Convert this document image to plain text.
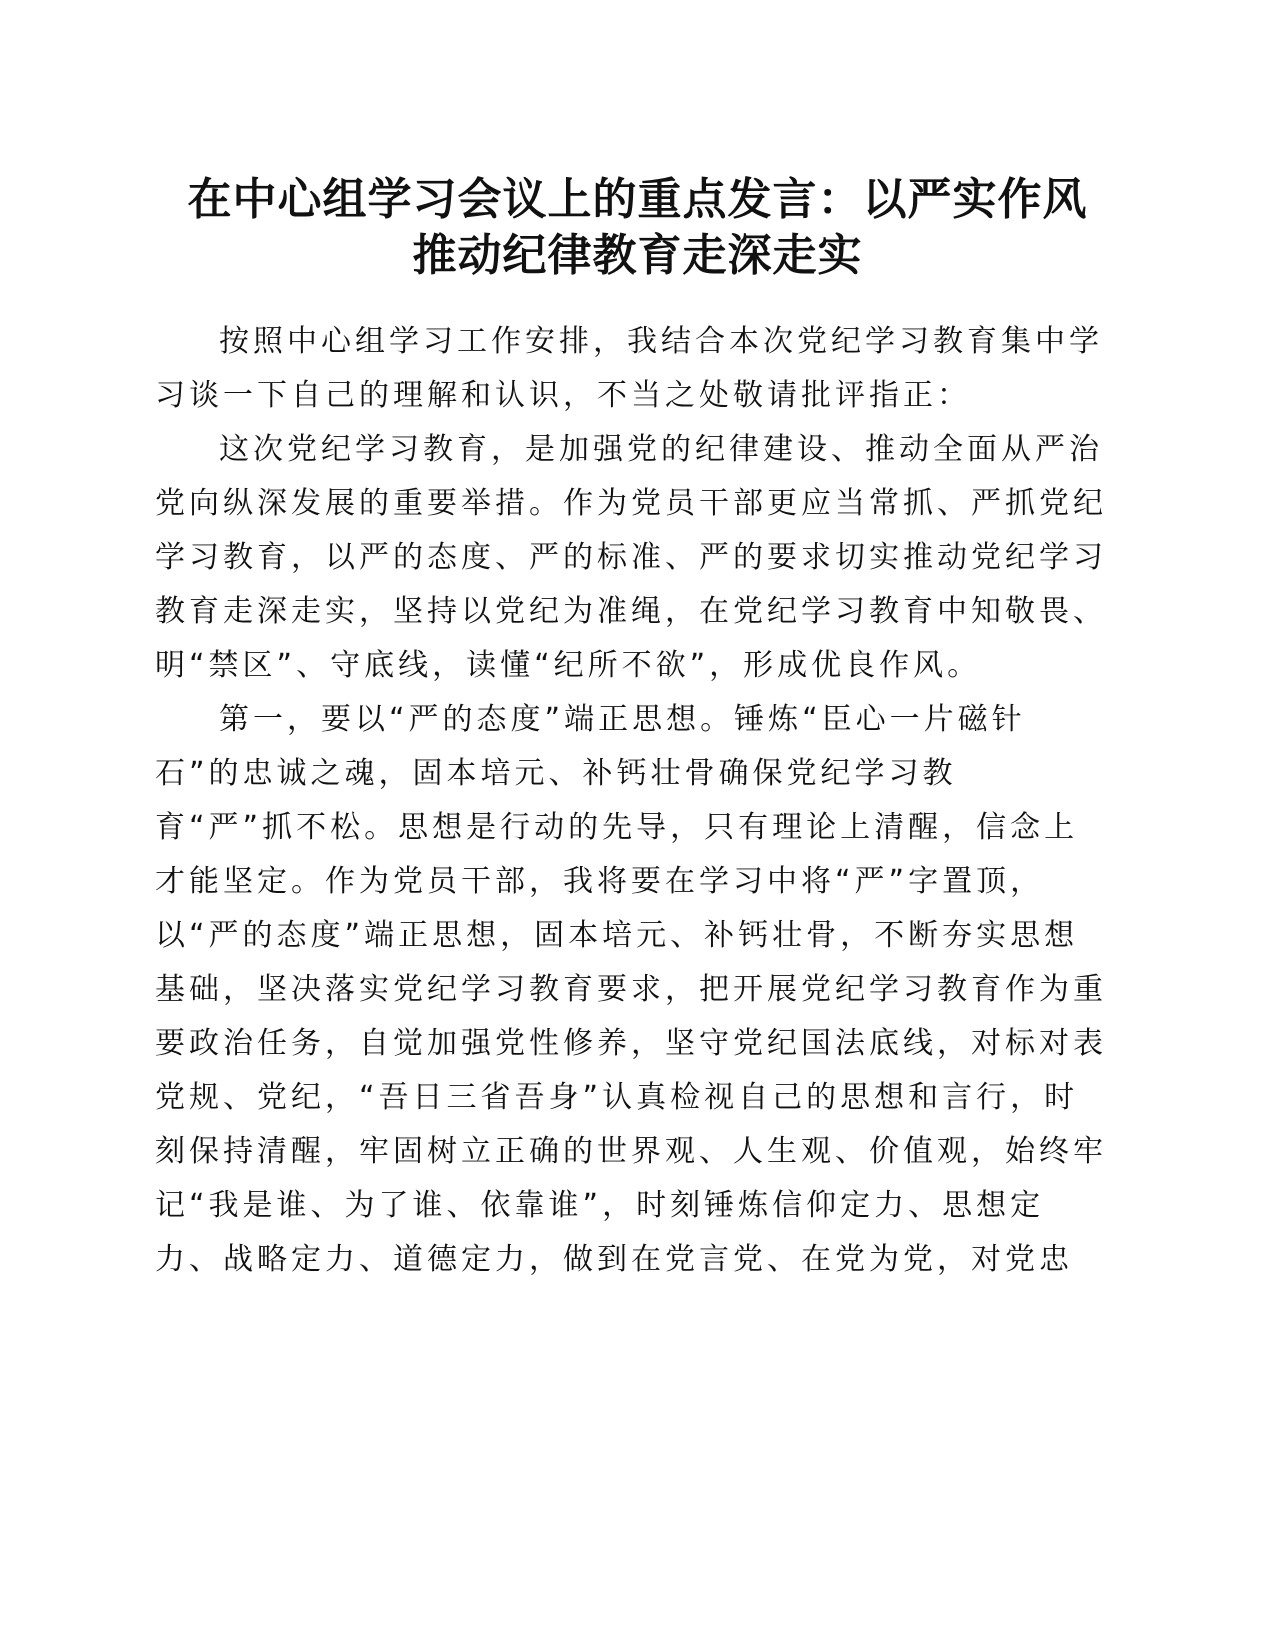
在中心组学习会议上的重点发言：以严实作风
推动纪律教育走深走实
按照中心组学习工作安排，我结合本次党纪学习教育集中学
习谈一下自己的理解和认识，不当之处敬请批评指正：
这次党纪学习教育，是加强党的纪律建设、推动全面从严治
党向纵深发展的重要举措。作为党员干部更应当常抓、严抓党纪
学习教育，以严的态度、严的标准、严的要求切实推动党纪学习
教育走深走实，坚持以党纪为准绳，在党纪学习教育中知敬畏、
明“禁区”、守底线，读懂“纪所不欲”，形成优良作风。
第一，要以“严的态度”端正思想。锤炼“臣心一片磁针
石”的忠诚之魂，固本培元、补钙壮骨确保党纪学习教
育“严”抓不松。思想是行动的先导，只有理论上清醒，信念上
才能坚定。作为党员干部，我将要在学习中将“严”字置顶，
以“严的态度”端正思想，固本培元、补钙壮骨，不断夯实思想
基础，坚决落实党纪学习教育要求，把开展党纪学习教育作为重
要政治任务，自觉加强党性修养，坚守党纪国法底线，对标对表
党规、党纪，“吾日三省吾身”认真检视自己的思想和言行，时
刻保持清醒，牢固树立正确的世界观、人生观、价值观，始终牢
记“我是谁、为了谁、依靠谁”，时刻锤炼信仰定力、思想定
力、战略定力、道德定力，做到在党言党、在党为党，对党忠
